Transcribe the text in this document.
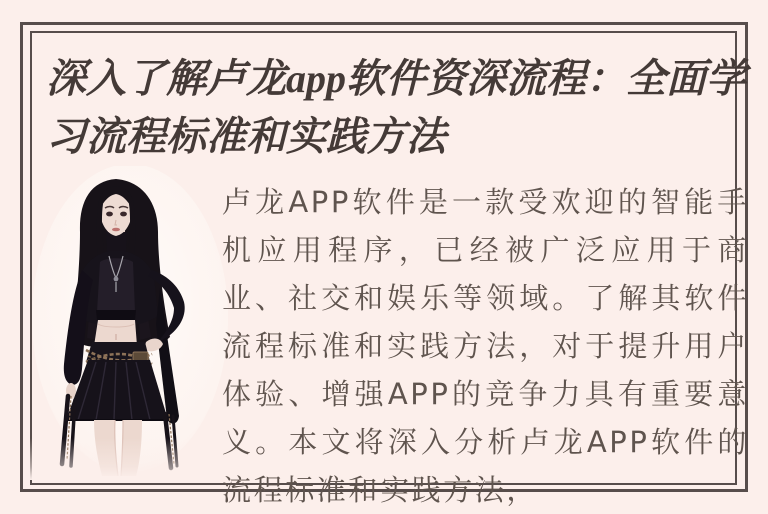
深入了解卢龙app软件资深流程：全面学习流程标准和实践方法

卢龙APP软件是一款受欢迎的智能手机应用程序，已经被广泛应用于商业、社交和娱乐等领域。了解其软件流程标准和实践方法，对于提升用户体验、增强APP的竞争力具有重要意义。本文将深入分析卢龙APP软件的流程标准和实践方法，
